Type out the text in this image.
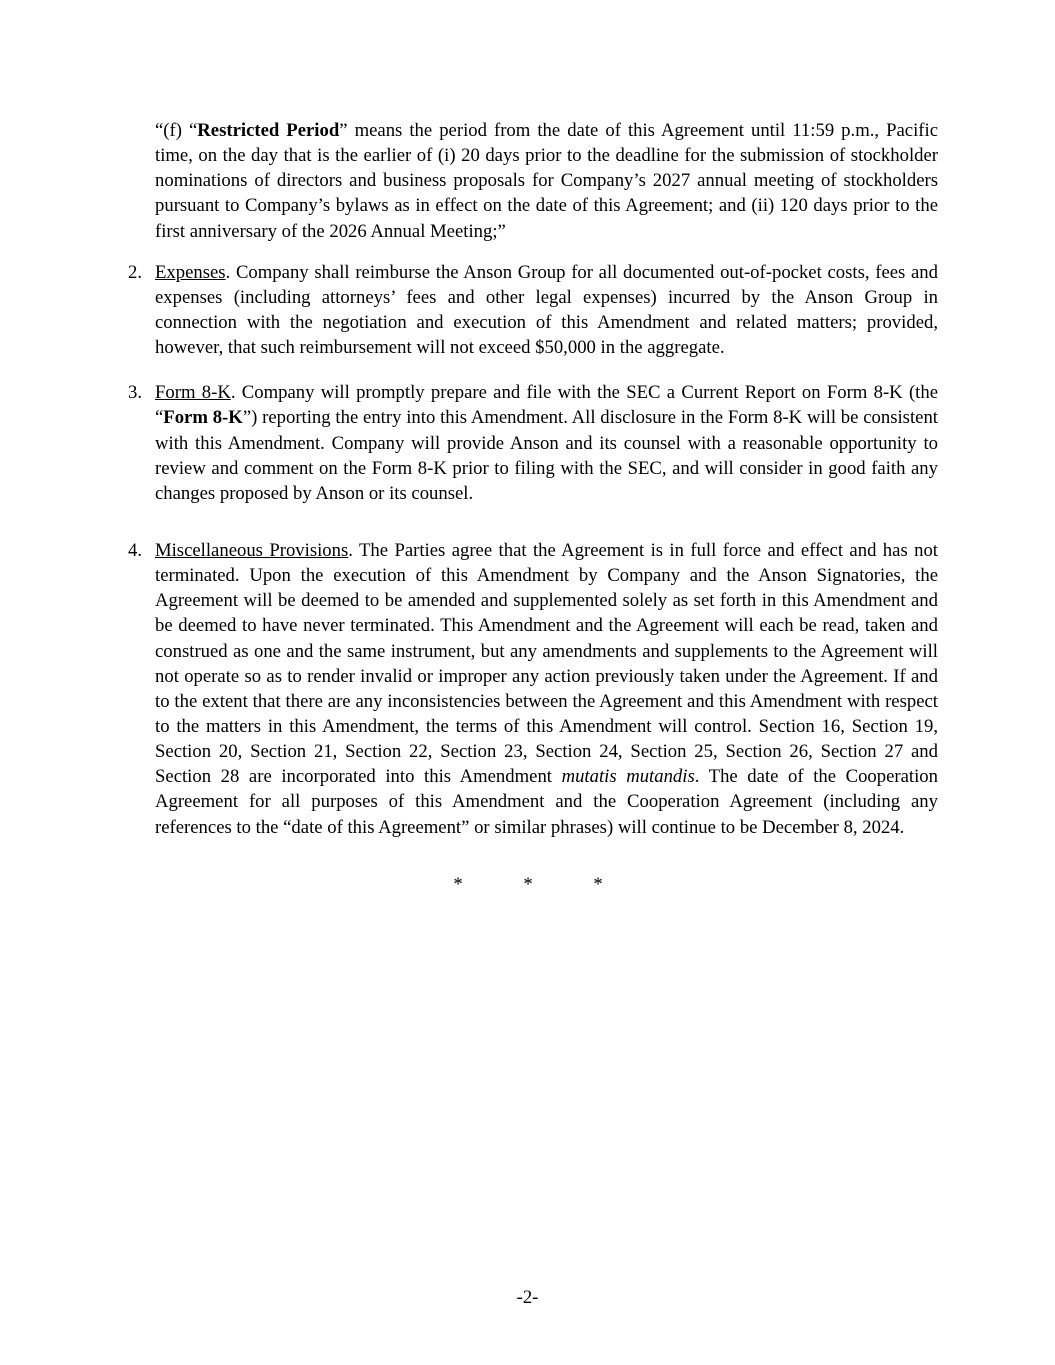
“(f) “Restricted Period” means the period from the date of this Agreement until 11:59 p.m., Pacific time, on the day that is the earlier of (i) 20 days prior to the deadline for the submission of stockholder nominations of directors and business proposals for Company’s 2027 annual meeting of stockholders pursuant to Company’s bylaws as in effect on the date of this Agreement; and (ii) 120 days prior to the first anniversary of the 2026 Annual Meeting;”

2. Expenses. Company shall reimburse the Anson Group for all documented out-of-pocket costs, fees and expenses (including attorneys’ fees and other legal expenses) incurred by the Anson Group in connection with the negotiation and execution of this Amendment and related matters; provided, however, that such reimbursement will not exceed $50,000 in the aggregate.

3. Form 8-K. Company will promptly prepare and file with the SEC a Current Report on Form 8-K (the “Form 8-K”) reporting the entry into this Amendment. All disclosure in the Form 8-K will be consistent with this Amendment. Company will provide Anson and its counsel with a reasonable opportunity to review and comment on the Form 8-K prior to filing with the SEC, and will consider in good faith any changes proposed by Anson or its counsel.

4. Miscellaneous Provisions. The Parties agree that the Agreement is in full force and effect and has not terminated. Upon the execution of this Amendment by Company and the Anson Signatories, the Agreement will be deemed to be amended and supplemented solely as set forth in this Amendment and be deemed to have never terminated. This Amendment and the Agreement will each be read, taken and construed as one and the same instrument, but any amendments and supplements to the Agreement will not operate so as to render invalid or improper any action previously taken under the Agreement. If and to the extent that there are any inconsistencies between the Agreement and this Amendment with respect to the matters in this Amendment, the terms of this Amendment will control. Section 16, Section 19, Section 20, Section 21, Section 22, Section 23, Section 24, Section 25, Section 26, Section 27 and Section 28 are incorporated into this Amendment mutatis mutandis. The date of the Cooperation Agreement for all purposes of this Amendment and the Cooperation Agreement (including any references to the “date of this Agreement” or similar phrases) will continue to be December 8, 2024.

*	*	*
-2-
